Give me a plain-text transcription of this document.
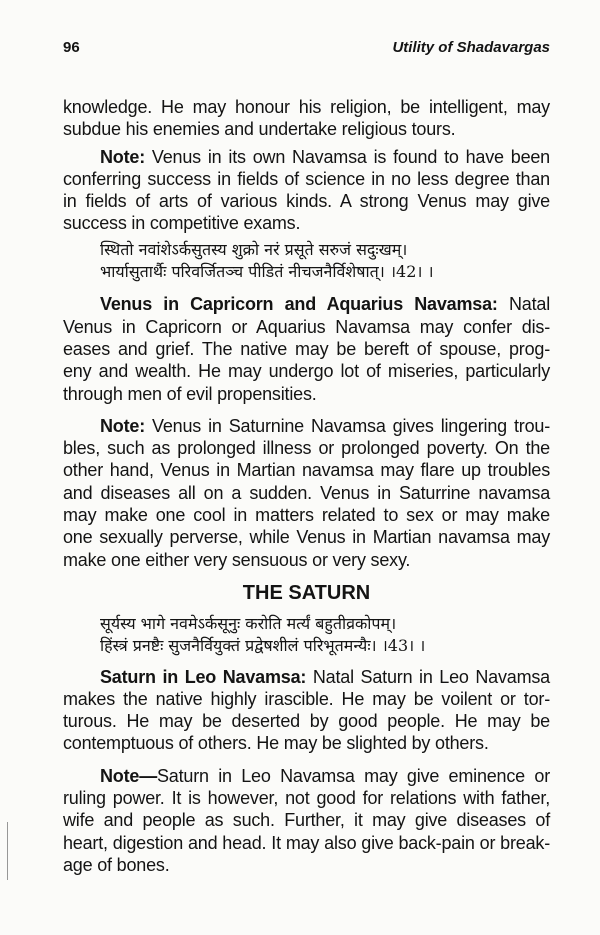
96	Utility of Shadavargas
knowledge. He may honour his religion, be intelligent, may
subdue his enemies and undertake religious tours.
Note: Venus in its own Navamsa is found to have been
conferring success in fields of science in no less degree than
in fields of arts of various kinds. A strong Venus may give
success in competitive exams.
स्थितो नवांशेऽर्कसुतस्य शुक्रो नरं प्रसूते सरुजं सदुःखम्।
भार्यासुतार्थैः परिवर्जितञ्च पीडितं नीचजनैर्विशेषात्। ।42। ।
Venus in Capricorn and Aquarius Navamsa: Natal
Venus in Capricorn or Aquarius Navamsa may confer dis-
eases and grief. The native may be bereft of spouse, prog-
eny and wealth. He may undergo lot of miseries, particularly
through men of evil propensities.
Note: Venus in Saturnine Navamsa gives lingering trou-
bles, such as prolonged illness or prolonged poverty. On the
other hand, Venus in Martian navamsa may flare up troubles
and diseases all on a sudden. Venus in Saturrine navamsa
may make one cool in matters related to sex or may make
one sexually perverse, while Venus in Martian navamsa may
make one either very sensuous or very sexy.
THE SATURN
सूर्यस्य भागे नवमेऽर्कसूनुः करोति मर्त्यं बहुतीव्रकोपम्।
हिंस्त्रं प्रनष्टैः सुजनैर्वियुक्तं प्रद्वेषशीलं परिभूतमन्यैः। ।43। ।
Saturn in Leo Navamsa: Natal Saturn in Leo Navamsa
makes the native highly irascible. He may be voilent or tor-
turous. He may be deserted by good people. He may be
contemptuous of others. He may be slighted by others.
Note—Saturn in Leo Navamsa may give eminence or
ruling power. It is however, not good for relations with father,
wife and people as such. Further, it may give diseases of
heart, digestion and head. It may also give back-pain or break-
age of bones.
